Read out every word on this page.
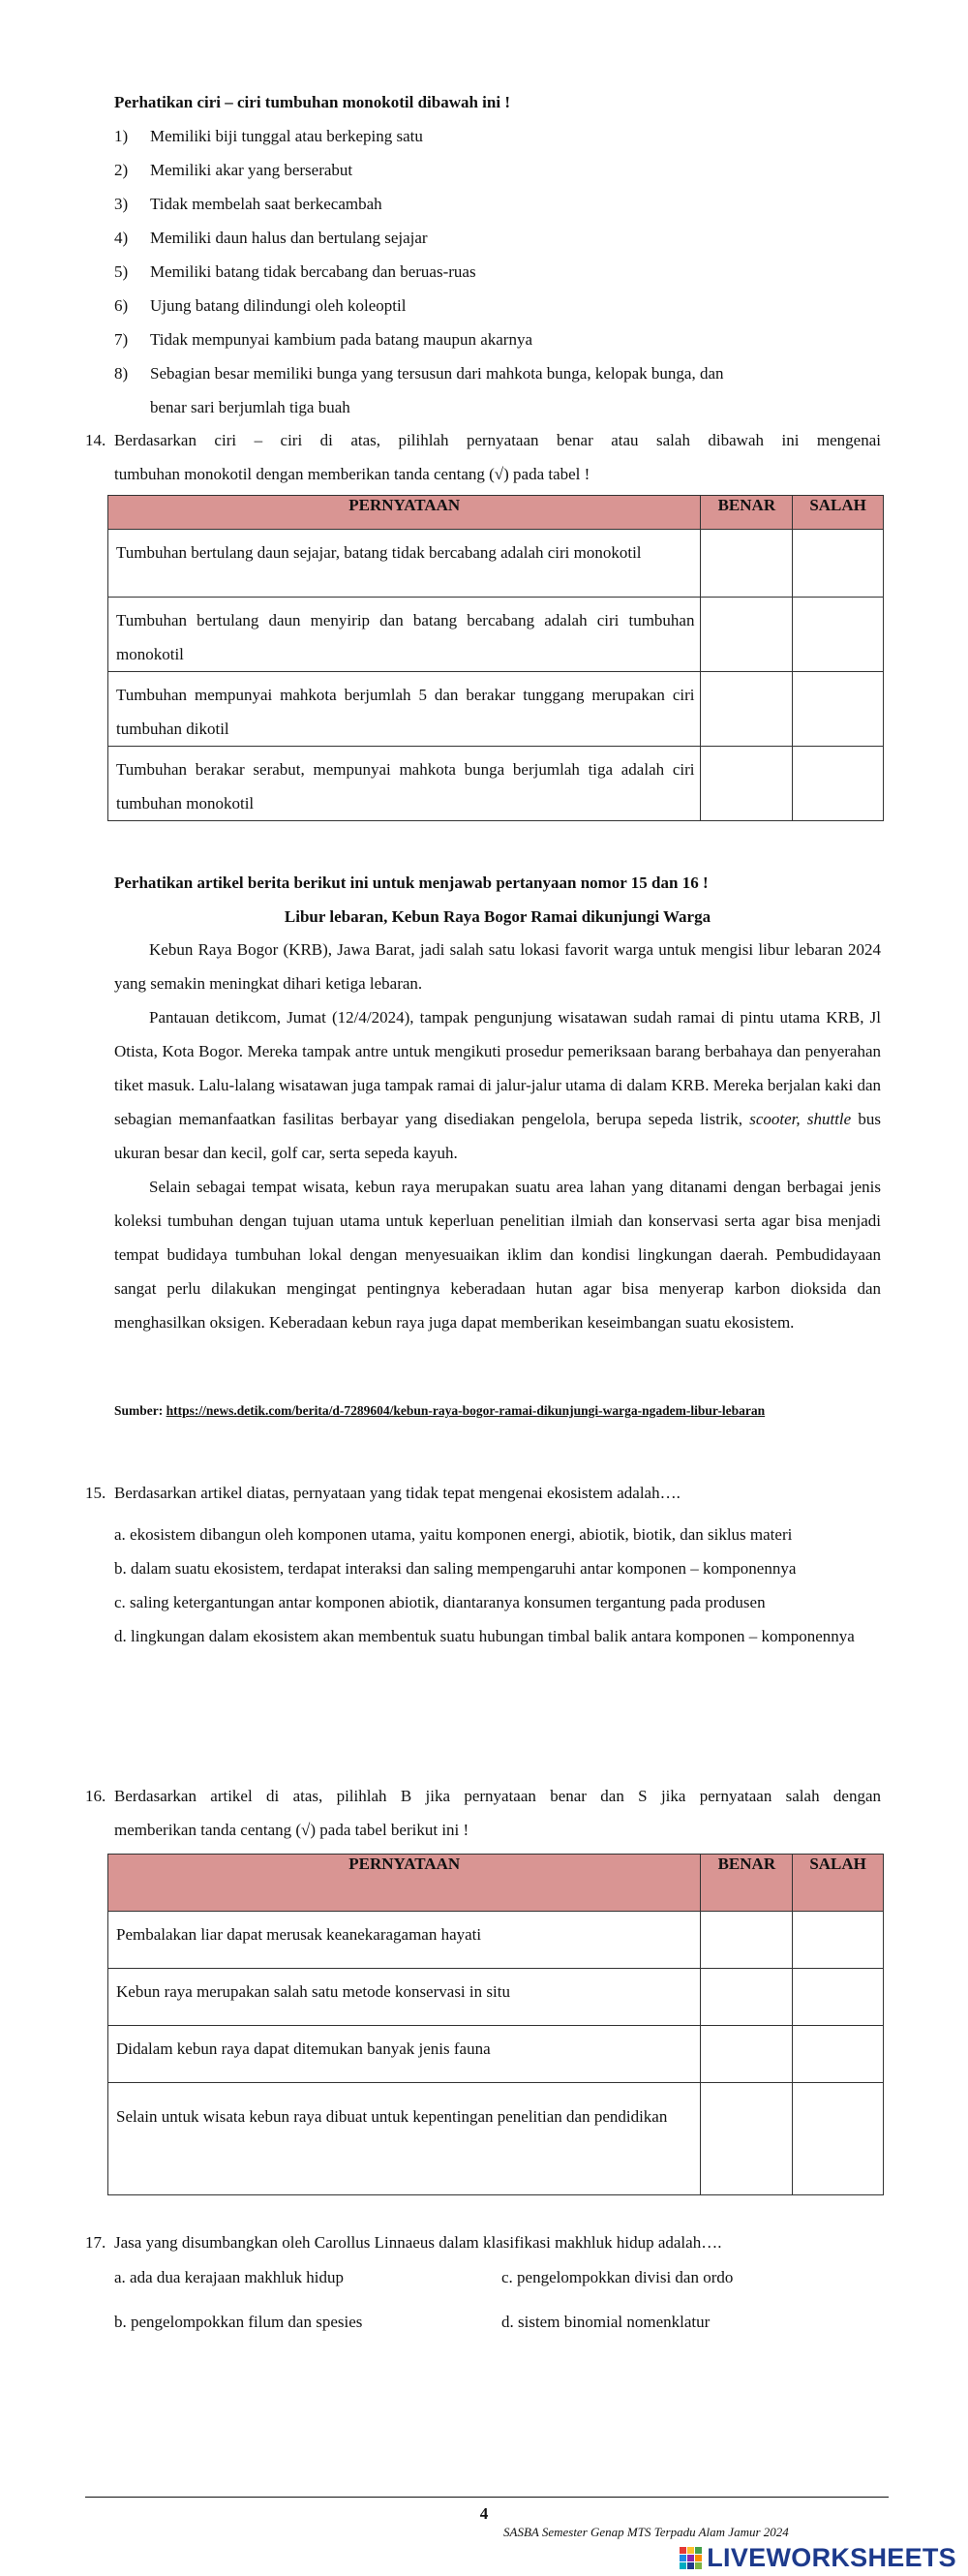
Perhatikan ciri – ciri tumbuhan monokotil dibawah ini !
1) Memiliki biji tunggal atau berkeping satu
2) Memiliki akar yang berserabut
3) Tidak membelah saat berkecambah
4) Memiliki daun halus dan bertulang sejajar
5) Memiliki batang tidak bercabang dan beruas-ruas
6) Ujung batang dilindungi oleh koleoptil
7) Tidak mempunyai kambium pada batang maupun akarnya
8) Sebagian besar memiliki bunga yang tersusun dari mahkota bunga, kelopak bunga, dan
benar sari berjumlah tiga buah
14. Berdasarkan ciri – ciri di atas, pilihlah pernyataan benar atau salah dibawah ini mengenai
tumbuhan monokotil dengan memberikan tanda centang (√) pada tabel !
PERNYATAAN	BENAR	SALAH

Tumbuhan bertulang daun sejajar, batang tidak bercabang adalah ciri monokotil		

Tumbuhan bertulang daun menyirip dan batang bercabang adalah ciri tumbuhan monokotil		

Tumbuhan mempunyai mahkota berjumlah 5 dan berakar tunggang merupakan ciri tumbuhan dikotil		

Tumbuhan berakar serabut, mempunyai mahkota bunga berjumlah tiga adalah ciri tumbuhan monokotil		

Perhatikan artikel berita berikut ini untuk menjawab pertanyaan nomor 15 dan 16 !
Libur lebaran, Kebun Raya Bogor Ramai dikunjungi Warga

Kebun Raya Bogor (KRB), Jawa Barat, jadi salah satu lokasi favorit warga untuk mengisi libur lebaran 2024 yang semakin meningkat dihari ketiga lebaran.

Pantauan detikcom, Jumat (12/4/2024), tampak pengunjung wisatawan sudah ramai di pintu utama KRB, Jl Otista, Kota Bogor. Mereka tampak antre untuk mengikuti prosedur pemeriksaan barang berbahaya dan penyerahan tiket masuk. Lalu-lalang wisatawan juga tampak ramai di jalur-jalur utama di dalam KRB. Mereka berjalan kaki dan sebagian memanfaatkan fasilitas berbayar yang disediakan pengelola, berupa sepeda listrik, scooter, shuttle bus ukuran besar dan kecil, golf car, serta sepeda kayuh.

Selain sebagai tempat wisata, kebun raya merupakan suatu area lahan yang ditanami dengan berbagai jenis koleksi tumbuhan dengan tujuan utama untuk keperluan penelitian ilmiah dan konservasi serta agar bisa menjadi tempat budidaya tumbuhan lokal dengan menyesuaikan iklim dan kondisi lingkungan daerah. Pembudidayaan sangat perlu dilakukan mengingat pentingnya keberadaan hutan agar bisa menyerap karbon dioksida dan menghasilkan oksigen. Keberadaan kebun raya juga dapat memberikan keseimbangan suatu ekosistem.

Sumber: https://news.detik.com/berita/d-7289604/kebun-raya-bogor-ramai-dikunjungi-warga-ngadem-libur-lebaran
15. Berdasarkan artikel diatas, pernyataan yang tidak tepat mengenai ekosistem adalah….
a. ekosistem dibangun oleh komponen utama, yaitu komponen energi, abiotik, biotik, dan siklus materi
b. dalam suatu ekosistem, terdapat interaksi dan saling mempengaruhi antar komponen – komponennya
c. saling ketergantungan antar komponen abiotik, diantaranya konsumen tergantung pada produsen
d. lingkungan dalam ekosistem akan membentuk suatu hubungan timbal balik antara komponen – komponennya
16. Berdasarkan artikel di atas, pilihlah B jika pernyataan benar dan S jika pernyataan salah dengan
memberikan tanda centang (√) pada tabel berikut ini !
PERNYATAAN	BENAR	SALAH

Pembalakan liar dapat merusak keanekaragaman hayati		

Kebun raya merupakan salah satu metode konservasi in situ		

Didalam kebun raya dapat ditemukan banyak jenis fauna		

Selain untuk wisata kebun raya dibuat untuk kepentingan penelitian dan pendidikan		

17. Jasa yang disumbangkan oleh Carollus Linnaeus dalam klasifikasi makhluk hidup adalah….
a. ada dua kerajaan makhluk hidup	c. pengelompokkan divisi dan ordo
b. pengelompokkan filum dan spesies	d. sistem binomial nomenklatur
4
SASBA Semester Genap MTS Terpadu Alam Jamur 2024
LIVEWORKSHEETS
